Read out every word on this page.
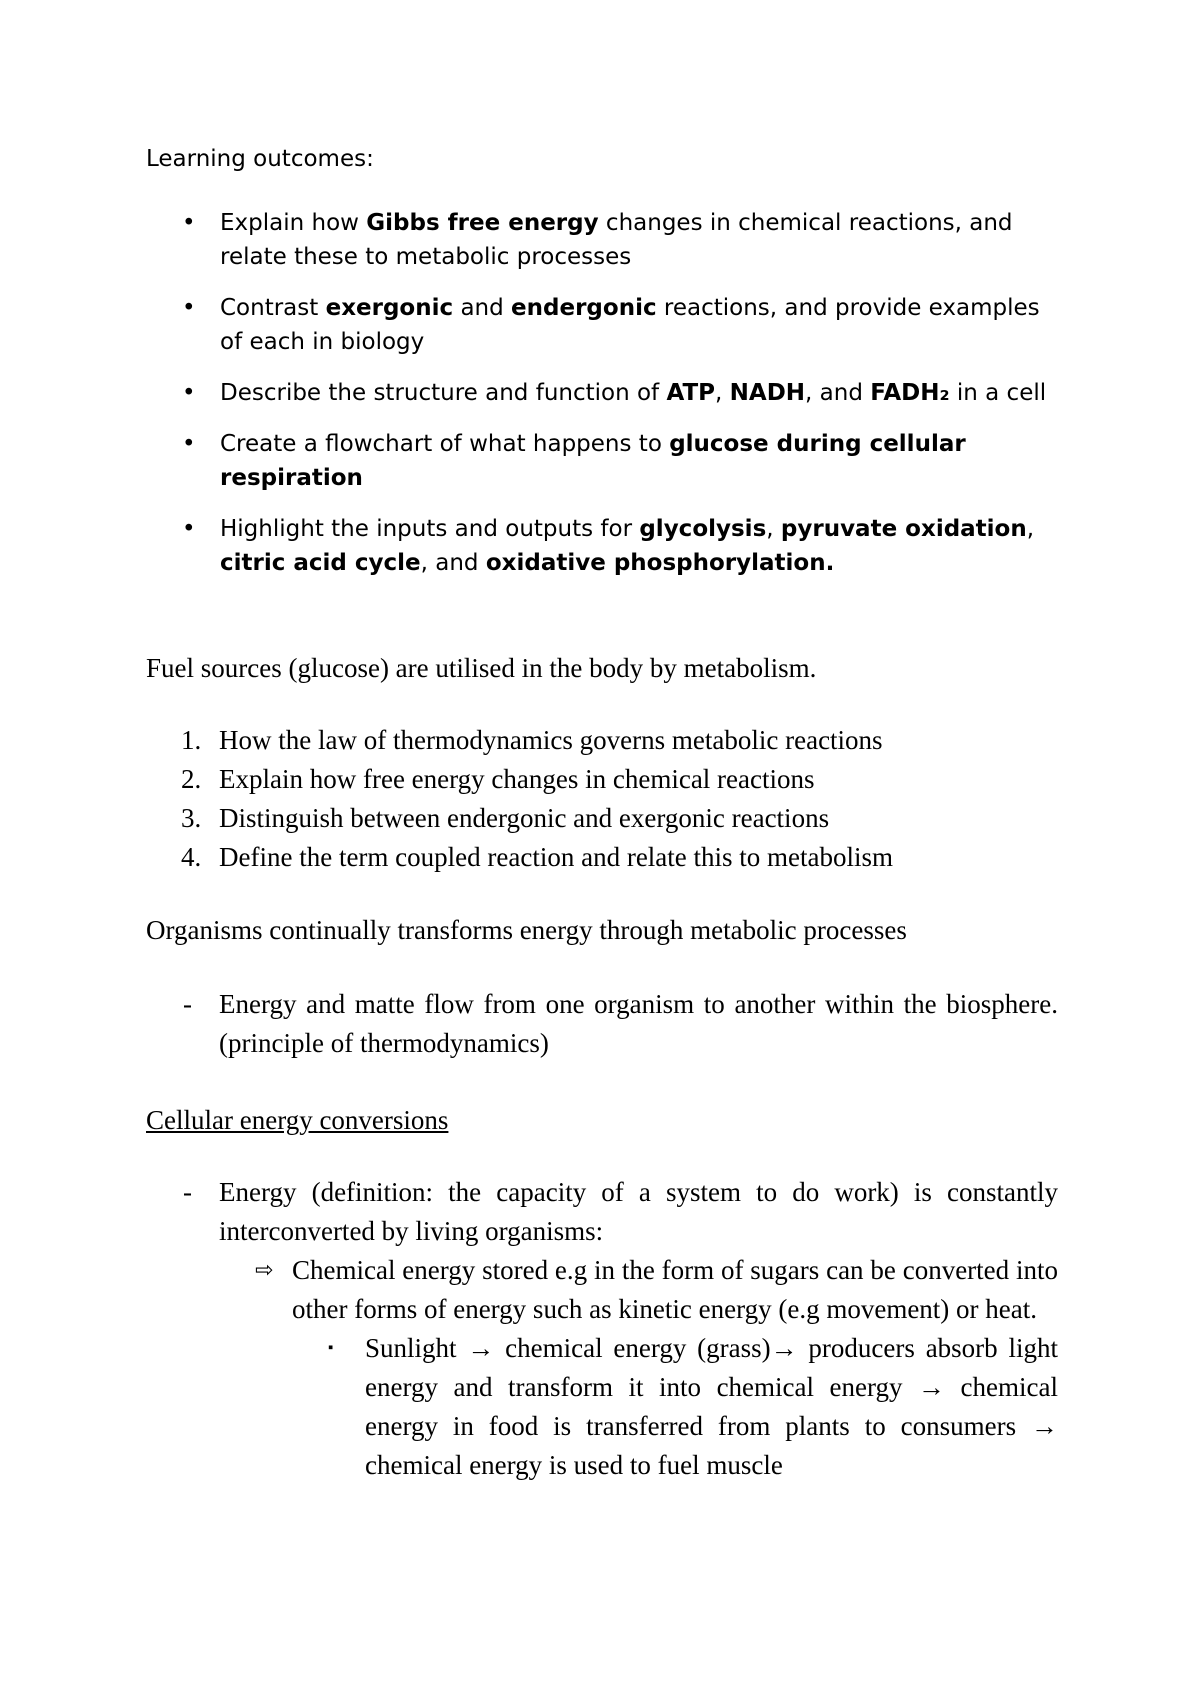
Learning outcomes:

• Explain how Gibbs free energy changes in chemical reactions, and relate these to metabolic processes
• Contrast exergonic and endergonic reactions, and provide examples of each in biology
• Describe the structure and function of ATP, NADH, and FADH₂ in a cell
• Create a flowchart of what happens to glucose during cellular respiration
• Highlight the inputs and outputs for glycolysis, pyruvate oxidation, citric acid cycle, and oxidative phosphorylation.

Fuel sources (glucose) are utilised in the body by metabolism.

1. How the law of thermodynamics governs metabolic reactions
2. Explain how free energy changes in chemical reactions
3. Distinguish between endergonic and exergonic reactions
4. Define the term coupled reaction and relate this to metabolism

Organisms continually transforms energy through metabolic processes

- Energy and matte flow from one organism to another within the biosphere. (principle of thermodynamics)

Cellular energy conversions

- Energy (definition: the capacity of a system to do work) is constantly interconverted by living organisms:
⇨ Chemical energy stored e.g in the form of sugars can be converted into other forms of energy such as kinetic energy (e.g movement) or heat.
▪ Sunlight → chemical energy (grass)→ producers absorb light energy and transform it into chemical energy → chemical energy in food is transferred from plants to consumers → chemical energy is used to fuel muscle
